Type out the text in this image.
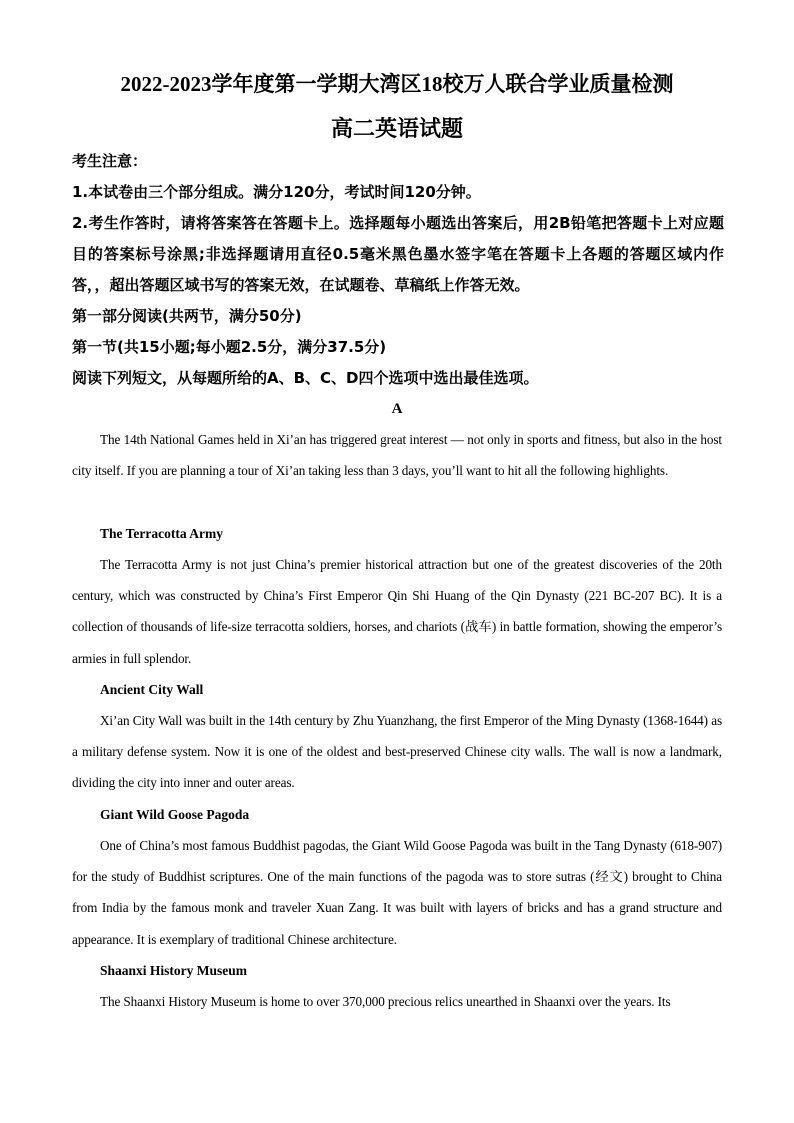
2022-2023学年度第一学期大湾区18校万人联合学业质量检测
高二英语试题
考生注意：
1.本试卷由三个部分组成。满分120分，考试时间120分钟。
2.考生作答时，请将答案答在答题卡上。选择题每小题选出答案后，用2B铅笔把答题卡上对应题目的答案标号涂黑;非选择题请用直径0.5毫米黑色墨水签字笔在答题卡上各题的答题区域内作答，，超出答题区域书写的答案无效，在试题卷、草稿纸上作答无效。
第一部分阅读(共两节，满分50分)
第一节(共15小题;每小题2.5分，满分37.5分)
阅读下列短文，从每题所给的A、B、C、D四个选项中选出最佳选项。
A
The 14th National Games held in Xi’an has triggered great interest — not only in sports and fitness, but also in the host city itself. If you are planning a tour of Xi’an taking less than 3 days, you’ll want to hit all the following highlights.
The Terracotta Army
The Terracotta Army is not just China’s premier historical attraction but one of the greatest discoveries of the 20th century, which was constructed by China’s First Emperor Qin Shi Huang of the Qin Dynasty (221 BC-207 BC). It is a collection of thousands of life-size terracotta soldiers, horses, and chariots (战车) in battle formation, showing the emperor’s armies in full splendor.
Ancient City Wall
Xi’an City Wall was built in the 14th century by Zhu Yuanzhang, the first Emperor of the Ming Dynasty (1368-1644) as a military defense system. Now it is one of the oldest and best-preserved Chinese city walls. The wall is now a landmark, dividing the city into inner and outer areas.
Giant Wild Goose Pagoda
One of China’s most famous Buddhist pagodas, the Giant Wild Goose Pagoda was built in the Tang Dynasty (618-907) for the study of Buddhist scriptures. One of the main functions of the pagoda was to store sutras (经文) brought to China from India by the famous monk and traveler Xuan Zang. It was built with layers of bricks and has a grand structure and appearance. It is exemplary of traditional Chinese architecture.
Shaanxi History Museum
The Shaanxi History Museum is home to over 370,000 precious relics unearthed in Shaanxi over the years. Its
